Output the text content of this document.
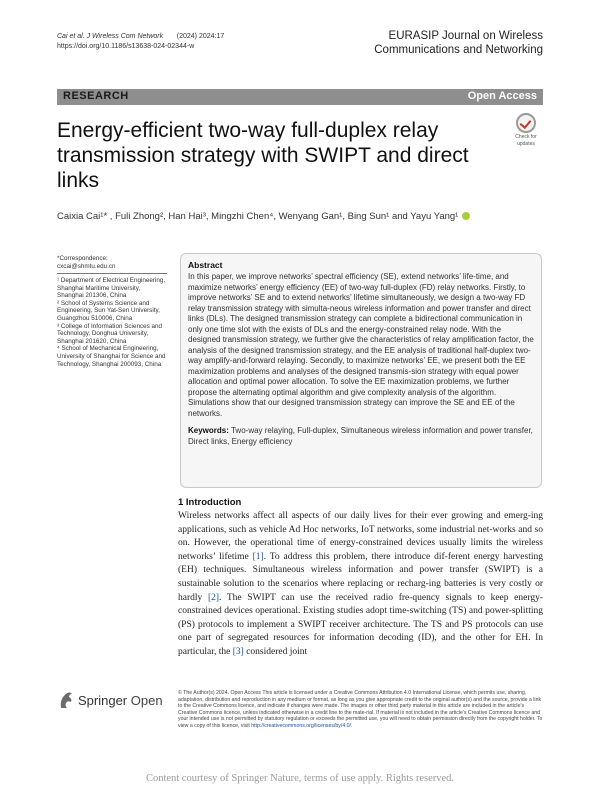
Cai et al. J Wireless Com Network (2024) 2024:17
https://doi.org/10.1186/s13638-024-02344-w
EURASIP Journal on Wireless
Communications and Networking
RESEARCH	Open Access
Energy-efficient two-way full-duplex relay
transmission strategy with SWIPT and direct
links
Check for
updates
Caixia Cai¹* , Fuli Zhong², Han Hai³, Mingzhi Chen⁴, Wenyang Gan¹, Bing Sun¹ and Yayu Yang¹
*Correspondence:
cxcai@shmtu.edu.cn

¹ Department of Electrical Engineering, Shanghai Maritime University, Shanghai 201306, China

² School of Systems Science and Engineering, Sun Yat-Sen University, Guangzhou 510006, China

³ College of Information Sciences and Technology, Donghua University, Shanghai 201620, China

⁴ School of Mechanical Engineering, University of Shanghai for Science and Technology, Shanghai 200093, China

Abstract
In this paper, we improve networks’ spectral efficiency (SE), extend networks’ life-time, and maximize networks’ energy efficiency (EE) of two-way full-duplex (FD) relay networks. Firstly, to improve networks’ SE and to extend networks’ lifetime simultaneously, we design a two-way FD relay transmission strategy with simulta-neous wireless information and power transfer and direct links (DLs). The designed transmission strategy can complete a bidirectional communication in only one time slot with the exists of DLs and the energy-constrained relay node. With the designed transmission strategy, we further give the characteristics of relay amplification factor, the analysis of the designed transmission strategy, and the EE analysis of traditional half-duplex two-way amplify-and-forward relaying. Secondly, to maximize networks’ EE, we present both the EE maximization problems and analyses of the designed transmis-sion strategy with equal power allocation and optimal power allocation. To solve the EE maximization problems, we further propose the alternating optimal algorithm and give complexity analysis of the algorithm. Simulations show that our designed transmission strategy can improve the SE and EE of the networks.
Keywords: Two-way relaying, Full-duplex, Simultaneous wireless information and power transfer, Direct links, Energy efficiency
1 Introduction
Wireless networks affect all aspects of our daily lives for their ever growing and emerg-ing applications, such as vehicle Ad Hoc networks, IoT networks, some industrial net-works and so on. However, the operational time of energy-constrained devices usually limits the wireless networks’ lifetime [1]. To address this problem, there introduce dif-ferent energy harvesting (EH) techniques. Simultaneous wireless information and power transfer (SWIPT) is a sustainable solution to the scenarios where replacing or recharg-ing batteries is very costly or hardly [2]. The SWIPT can use the received radio fre-quency signals to keep energy-constrained devices operational. Existing studies adopt time-switching (TS) and power-splitting (PS) protocols to implement a SWIPT receiver architecture. The TS and PS protocols can use one part of segregated resources for information decoding (ID), and the other for EH. In particular, the [3] considered joint
Springer Open	© The Author(s) 2024. Open Access This article is licensed under a Creative Commons Attribution 4.0 International License, which permits use, sharing, adaptation, distribution and reproduction in any medium or format, as long as you give appropriate credit to the original author(s) and the source, provide a link to the Creative Commons licence, and indicate if changes were made. The images or other third party material in this article are included in the article's Creative Commons licence, unless indicated otherwise in a credit line to the mate-rial. If material is not included in the article's Creative Commons licence and your intended use is not permitted by statutory regulation or exceeds the permitted use, you will need to obtain permission directly from the copyright holder. To view a copy of this licence, visit http://creativecommons.org/licenses/by/4.0/.
Content courtesy of Springer Nature, terms of use apply. Rights reserved.
